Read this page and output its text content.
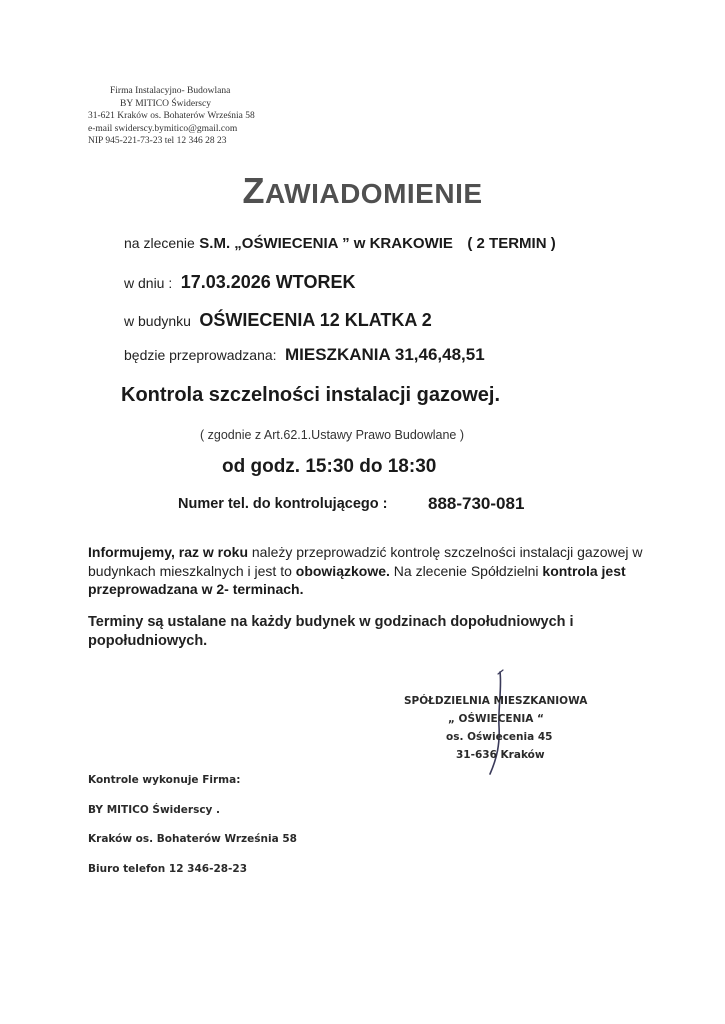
Firma Instalacyjno- Budowlana
BY MITICO Świderscy
31-621 Kraków os. Bohaterów Września 58
e-mail swiderscy.bymitico@gmail.com
NIP 945-221-73-23 tel 12 346 28 23
ZAWIADOMIENIE
na zlecenie S.M. „OŚWIECENIA ” w KRAKOWIE ( 2 TERMIN )
w dniu : 17.03.2026 WTOREK
w budynku OŚWIECENIA 12 KLATKA 2
będzie przeprowadzana: MIESZKANIA 31,46,48,51
Kontrola szczelności instalacji gazowej.
( zgodnie z Art.62.1.Ustawy Prawo Budowlane )
od godz. 15:30 do 18:30
Numer tel. do kontrolującego : 888-730-081
Informujemy, raz w roku należy przeprowadzić kontrolę szczelności instalacji gazowej w budynkach mieszkalnych i jest to obowiązkowe. Na zlecenie Spółdzielni kontrola jest przeprowadzana w 2- terminach.
Terminy są ustalane na każdy budynek w godzinach dopołudniowych i popołudniowych.
SPÓŁDZIELNIA MIESZKANIOWA
„ OŚWIECENIA “
os. Oświecenia 45
31-636 Kraków
Kontrole wykonuje Firma:
BY MITICO Świderscy .
Kraków os. Bohaterów Września 58
Biuro telefon 12 346-28-23
